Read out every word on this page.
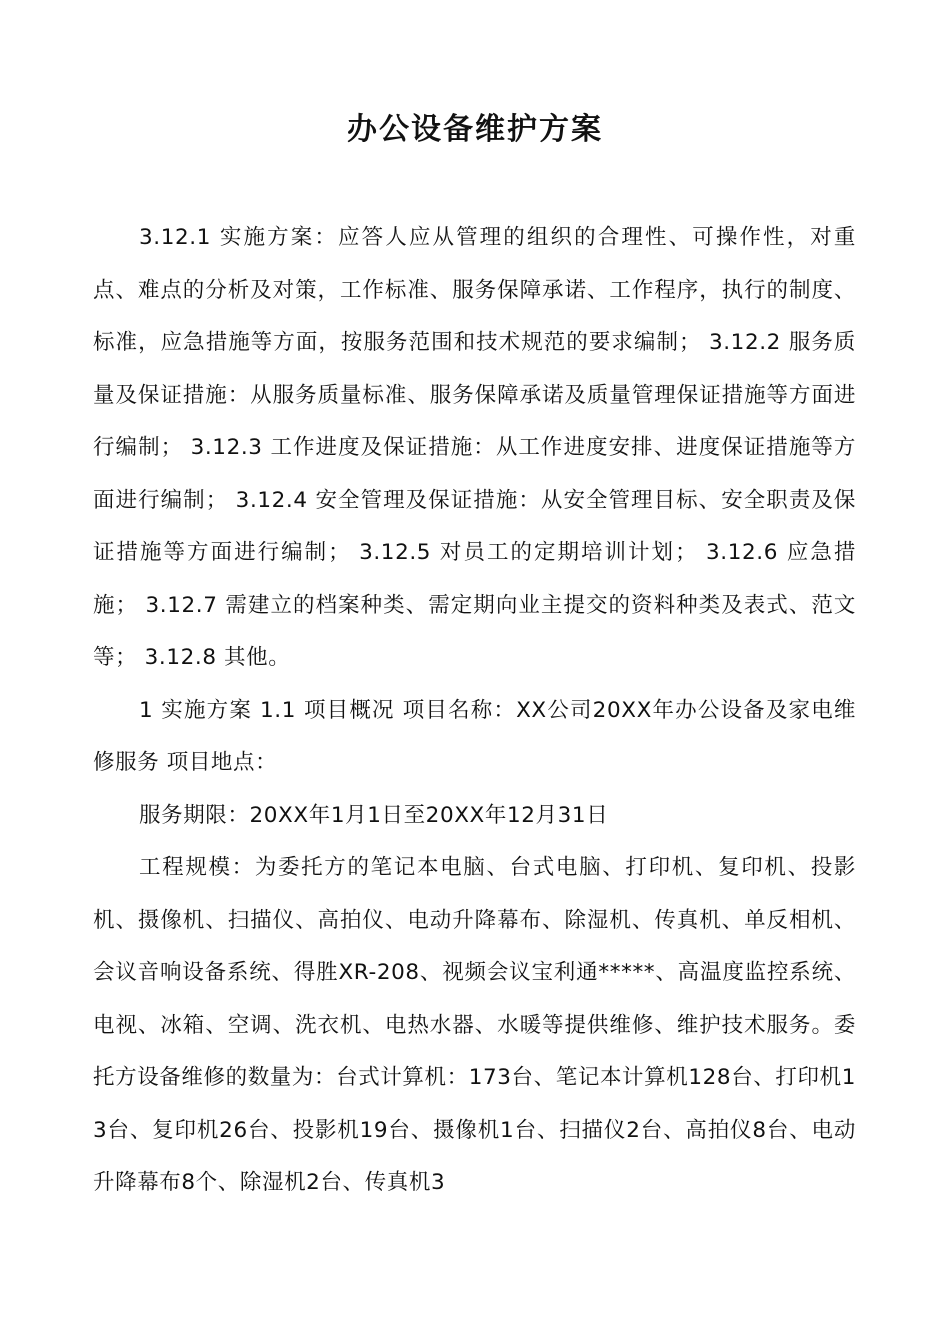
办公设备维护方案

3.12.1 实施方案：应答人应从管理的组织的合理性、可操作性，对重点、难点的分析及对策，工作标准、服务保障承诺、工作程序，执行的制度、标准，应急措施等方面，按服务范围和技术规范的要求编制； 3.12.2 服务质量及保证措施：从服务质量标准、服务保障承诺及质量管理保证措施等方面进行编制； 3.12.3 工作进度及保证措施：从工作进度安排、进度保证措施等方面进行编制； 3.12.4 安全管理及保证措施：从安全管理目标、安全职责及保证措施等方面进行编制； 3.12.5 对员工的定期培训计划； 3.12.6 应急措施； 3.12.7 需建立的档案种类、需定期向业主提交的资料种类及表式、范文等； 3.12.8 其他。

1 实施方案 1.1 项目概况 项目名称：XX公司20XX年办公设备及家电维修服务 项目地点：

服务期限：20XX年1月1日至20XX年12月31日

工程规模：为委托方的笔记本电脑、台式电脑、打印机、复印机、投影机、摄像机、扫描仪、高拍仪、电动升降幕布、除湿机、传真机、单反相机、会议音响设备系统、得胜XR-208、视频会议宝利通*****、高温度监控系统、电视、冰箱、空调、洗衣机、电热水器、水暖等提供维修、维护技术服务。委托方设备维修的数量为：台式计算机：173台、笔记本计算机128台、打印机13台、复印机26台、投影机19台、摄像机1台、扫描仪2台、高拍仪8台、电动升降幕布8个、除湿机2台、传真机3
